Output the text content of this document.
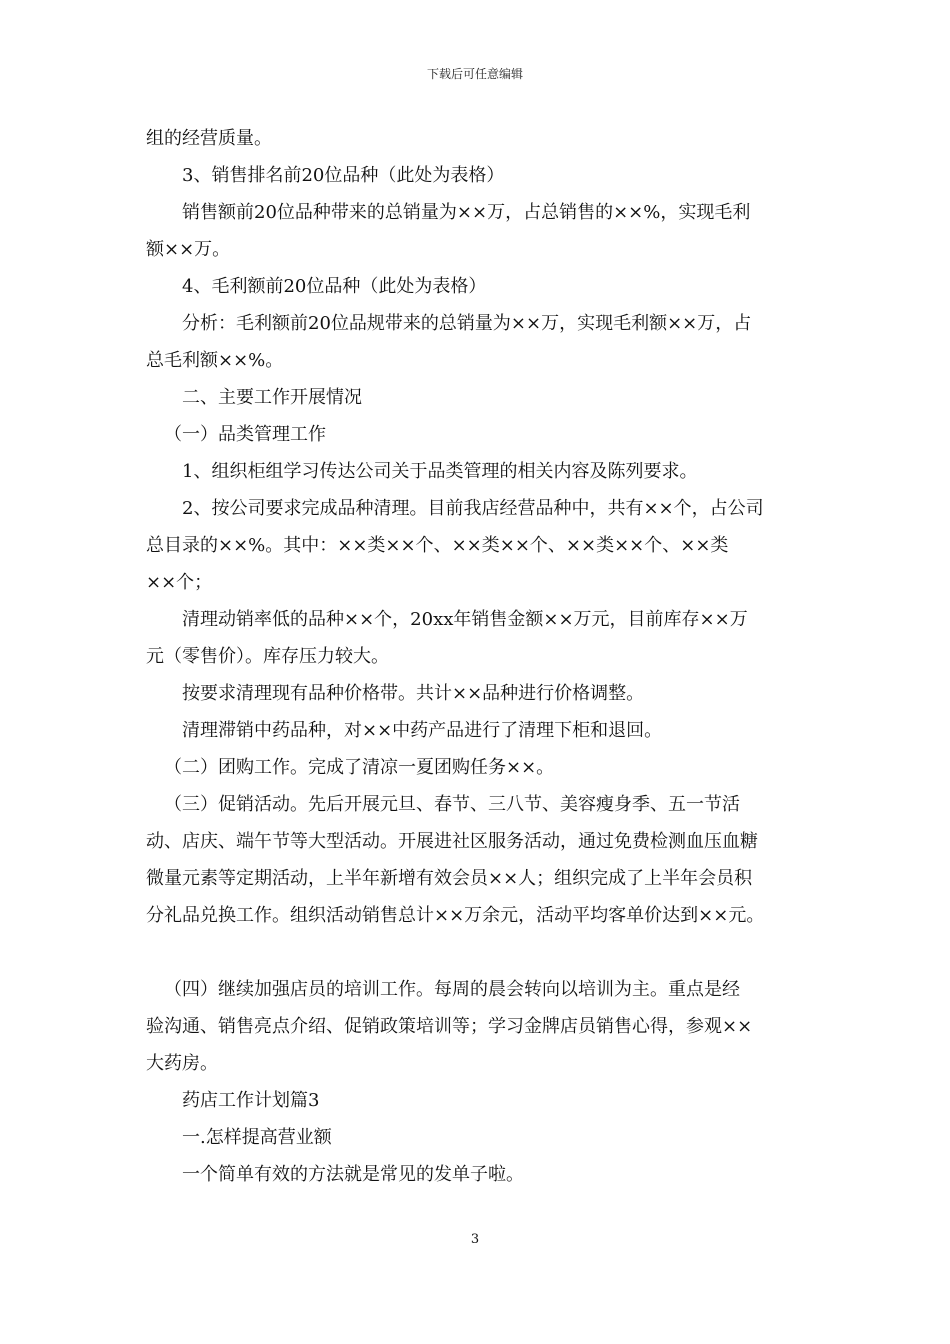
下载后可任意编辑

组的经营质量。

3、销售排名前20位品种（此处为表格）

销售额前20位品种带来的总销量为××万，占总销售的××%，实现毛利

额××万。

4、毛利额前20位品种（此处为表格）

分析：毛利额前20位品规带来的总销量为××万，实现毛利额××万，占

总毛利额××%。

二、主要工作开展情况

（一）品类管理工作

1、组织柜组学习传达公司关于品类管理的相关内容及陈列要求。

2、按公司要求完成品种清理。目前我店经营品种中，共有××个，占公司

总目录的××%。其中：××类××个、××类××个、××类××个、××类

××个；

清理动销率低的品种××个，20xx年销售金额××万元，目前库存××万

元（零售价）。库存压力较大。

按要求清理现有品种价格带。共计××品种进行价格调整。

清理滞销中药品种，对××中药产品进行了清理下柜和退回。

（二）团购工作。完成了清凉一夏团购任务××。

（三）促销活动。先后开展元旦、春节、三八节、美容瘦身季、五一节活

动、店庆、端午节等大型活动。开展进社区服务活动，通过免费检测血压血糖

微量元素等定期活动，上半年新增有效会员××人；组织完成了上半年会员积

分礼品兑换工作。组织活动销售总计××万余元，活动平均客单价达到××元。

（四）继续加强店员的培训工作。每周的晨会转向以培训为主。重点是经

验沟通、销售亮点介绍、促销政策培训等；学习金牌店员销售心得，参观××

大药房。

药店工作计划篇3

一.怎样提高营业额

一个简单有效的方法就是常见的发单子啦。

3
